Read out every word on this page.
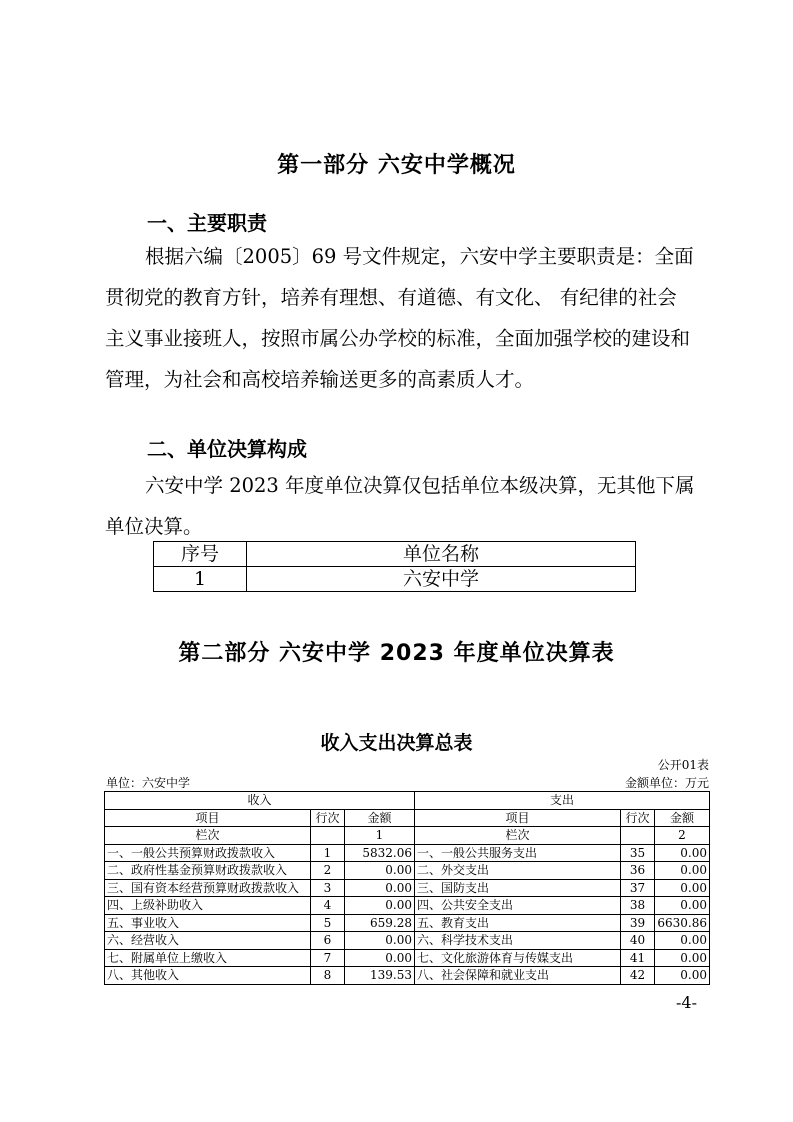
第一部分 六安中学概况
一、主要职责
根据六编〔2005〕69 号文件规定，六安中学主要职责是：全面贯彻党的教育方针，培养有理想、有道德、有文化、 有纪律的社会主义事业接班人，按照市属公办学校的标准，全面加强学校的建设和管理，为社会和高校培养输送更多的高素质人才。
二、单位决算构成
六安中学 2023 年度单位决算仅包括单位本级决算，无其他下属单位决算。
序号	单位名称
1	六安中学
第二部分 六安中学 2023 年度单位决算表
收入支出决算总表
公开01表
单位：六安中学	金额单位：万元
收入			支出		
项目	行次	金额	项目	行次	金额
栏次		1	栏次		2
一、一般公共预算财政拨款收入	1	5832.06	一、一般公共服务支出	35	0.00
二、政府性基金预算财政拨款收入	2	0.00	二、外交支出	36	0.00
三、国有资本经营预算财政拨款收入	3	0.00	三、国防支出	37	0.00
四、上级补助收入	4	0.00	四、公共安全支出	38	0.00
五、事业收入	5	659.28	五、教育支出	39	6630.86
六、经营收入	6	0.00	六、科学技术支出	40	0.00
七、附属单位上缴收入	7	0.00	七、文化旅游体育与传媒支出	41	0.00
八、其他收入	8	139.53	八、社会保障和就业支出	42	0.00
-4-
